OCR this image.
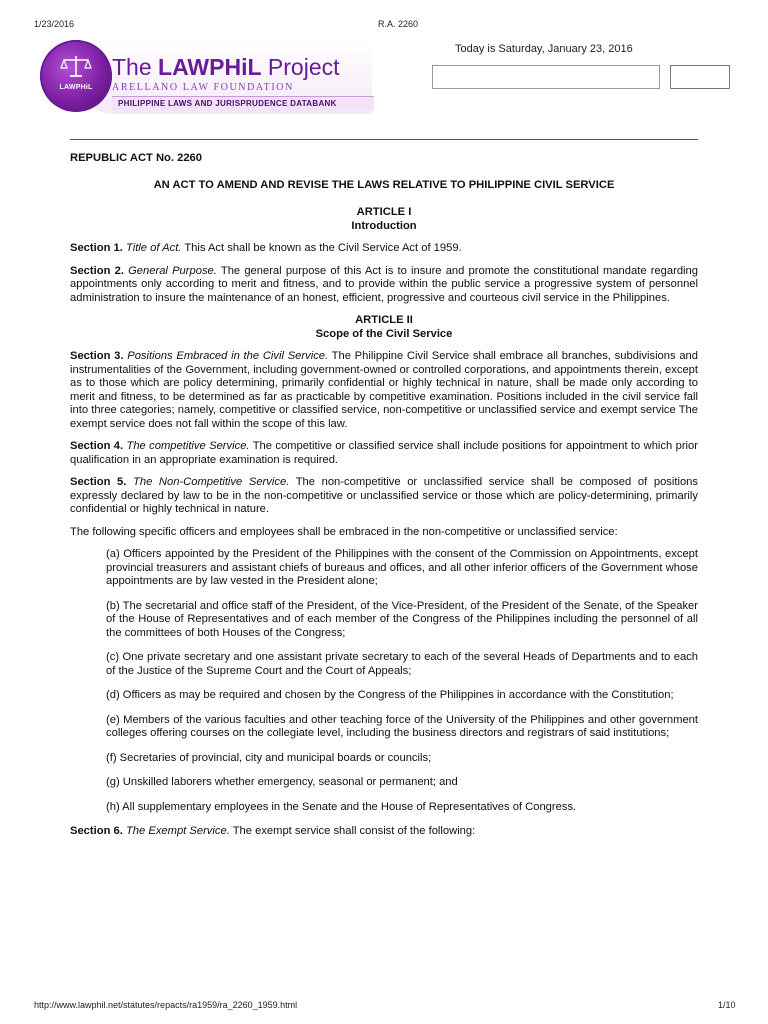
1/23/2016	R.A. 2260
LAWPHiL
The LAWPHiL Project
ARELLANO LAW FOUNDATION
PHILIPPINE LAWS AND JURISPRUDENCE DATABANK
Today is Saturday, January 23, 2016

REPUBLIC ACT No. 2260

AN ACT TO AMEND AND REVISE THE LAWS RELATIVE TO PHILIPPINE CIVIL SERVICE

ARTICLE I
Introduction

Section 1. Title of Act. This Act shall be known as the Civil Service Act of 1959.

Section 2. General Purpose. The general purpose of this Act is to insure and promote the constitutional mandate regarding appointments only according to merit and fitness, and to provide within the public service a progressive system of personnel administration to insure the maintenance of an honest, efficient, progressive and courteous civil service in the Philippines.

ARTICLE II
Scope of the Civil Service

Section 3. Positions Embraced in the Civil Service. The Philippine Civil Service shall embrace all branches, subdivisions and instrumentalities of the Government, including government-owned or controlled corporations, and appointments therein, except as to those which are policy determining, primarily confidential or highly technical in nature, shall be made only according to merit and fitness, to be determined as far as practicable by competitive examination. Positions included in the civil service fall into three categories; namely, competitive or classified service, non-competitive or unclassified service and exempt service The exempt service does not fall within the scope of this law.

Section 4. The competitive Service. The competitive or classified service shall include positions for appointment to which prior qualification in an appropriate examination is required.

Section 5. The Non-Competitive Service. The non-competitive or unclassified service shall be composed of positions expressly declared by law to be in the non-competitive or unclassified service or those which are policy-determining, primarily confidential or highly technical in nature.

The following specific officers and employees shall be embraced in the non-competitive or unclassified service:

(a) Officers appointed by the President of the Philippines with the consent of the Commission on Appointments, except provincial treasurers and assistant chiefs of bureaus and offices, and all other inferior officers of the Government whose appointments are by law vested in the President alone;

(b) The secretarial and office staff of the President, of the Vice-President, of the President of the Senate, of the Speaker of the House of Representatives and of each member of the Congress of the Philippines including the personnel of all the committees of both Houses of the Congress;

(c) One private secretary and one assistant private secretary to each of the several Heads of Departments and to each of the Justice of the Supreme Court and the Court of Appeals;

(d) Officers as may be required and chosen by the Congress of the Philippines in accordance with the Constitution;

(e) Members of the various faculties and other teaching force of the University of the Philippines and other government colleges offering courses on the collegiate level, including the business directors and registrars of said institutions;

(f) Secretaries of provincial, city and municipal boards or councils;

(g) Unskilled laborers whether emergency, seasonal or permanent; and

(h) All supplementary employees in the Senate and the House of Representatives of Congress.

Section 6. The Exempt Service. The exempt service shall consist of the following:

http://www.lawphil.net/statutes/repacts/ra1959/ra_2260_1959.html	1/10
